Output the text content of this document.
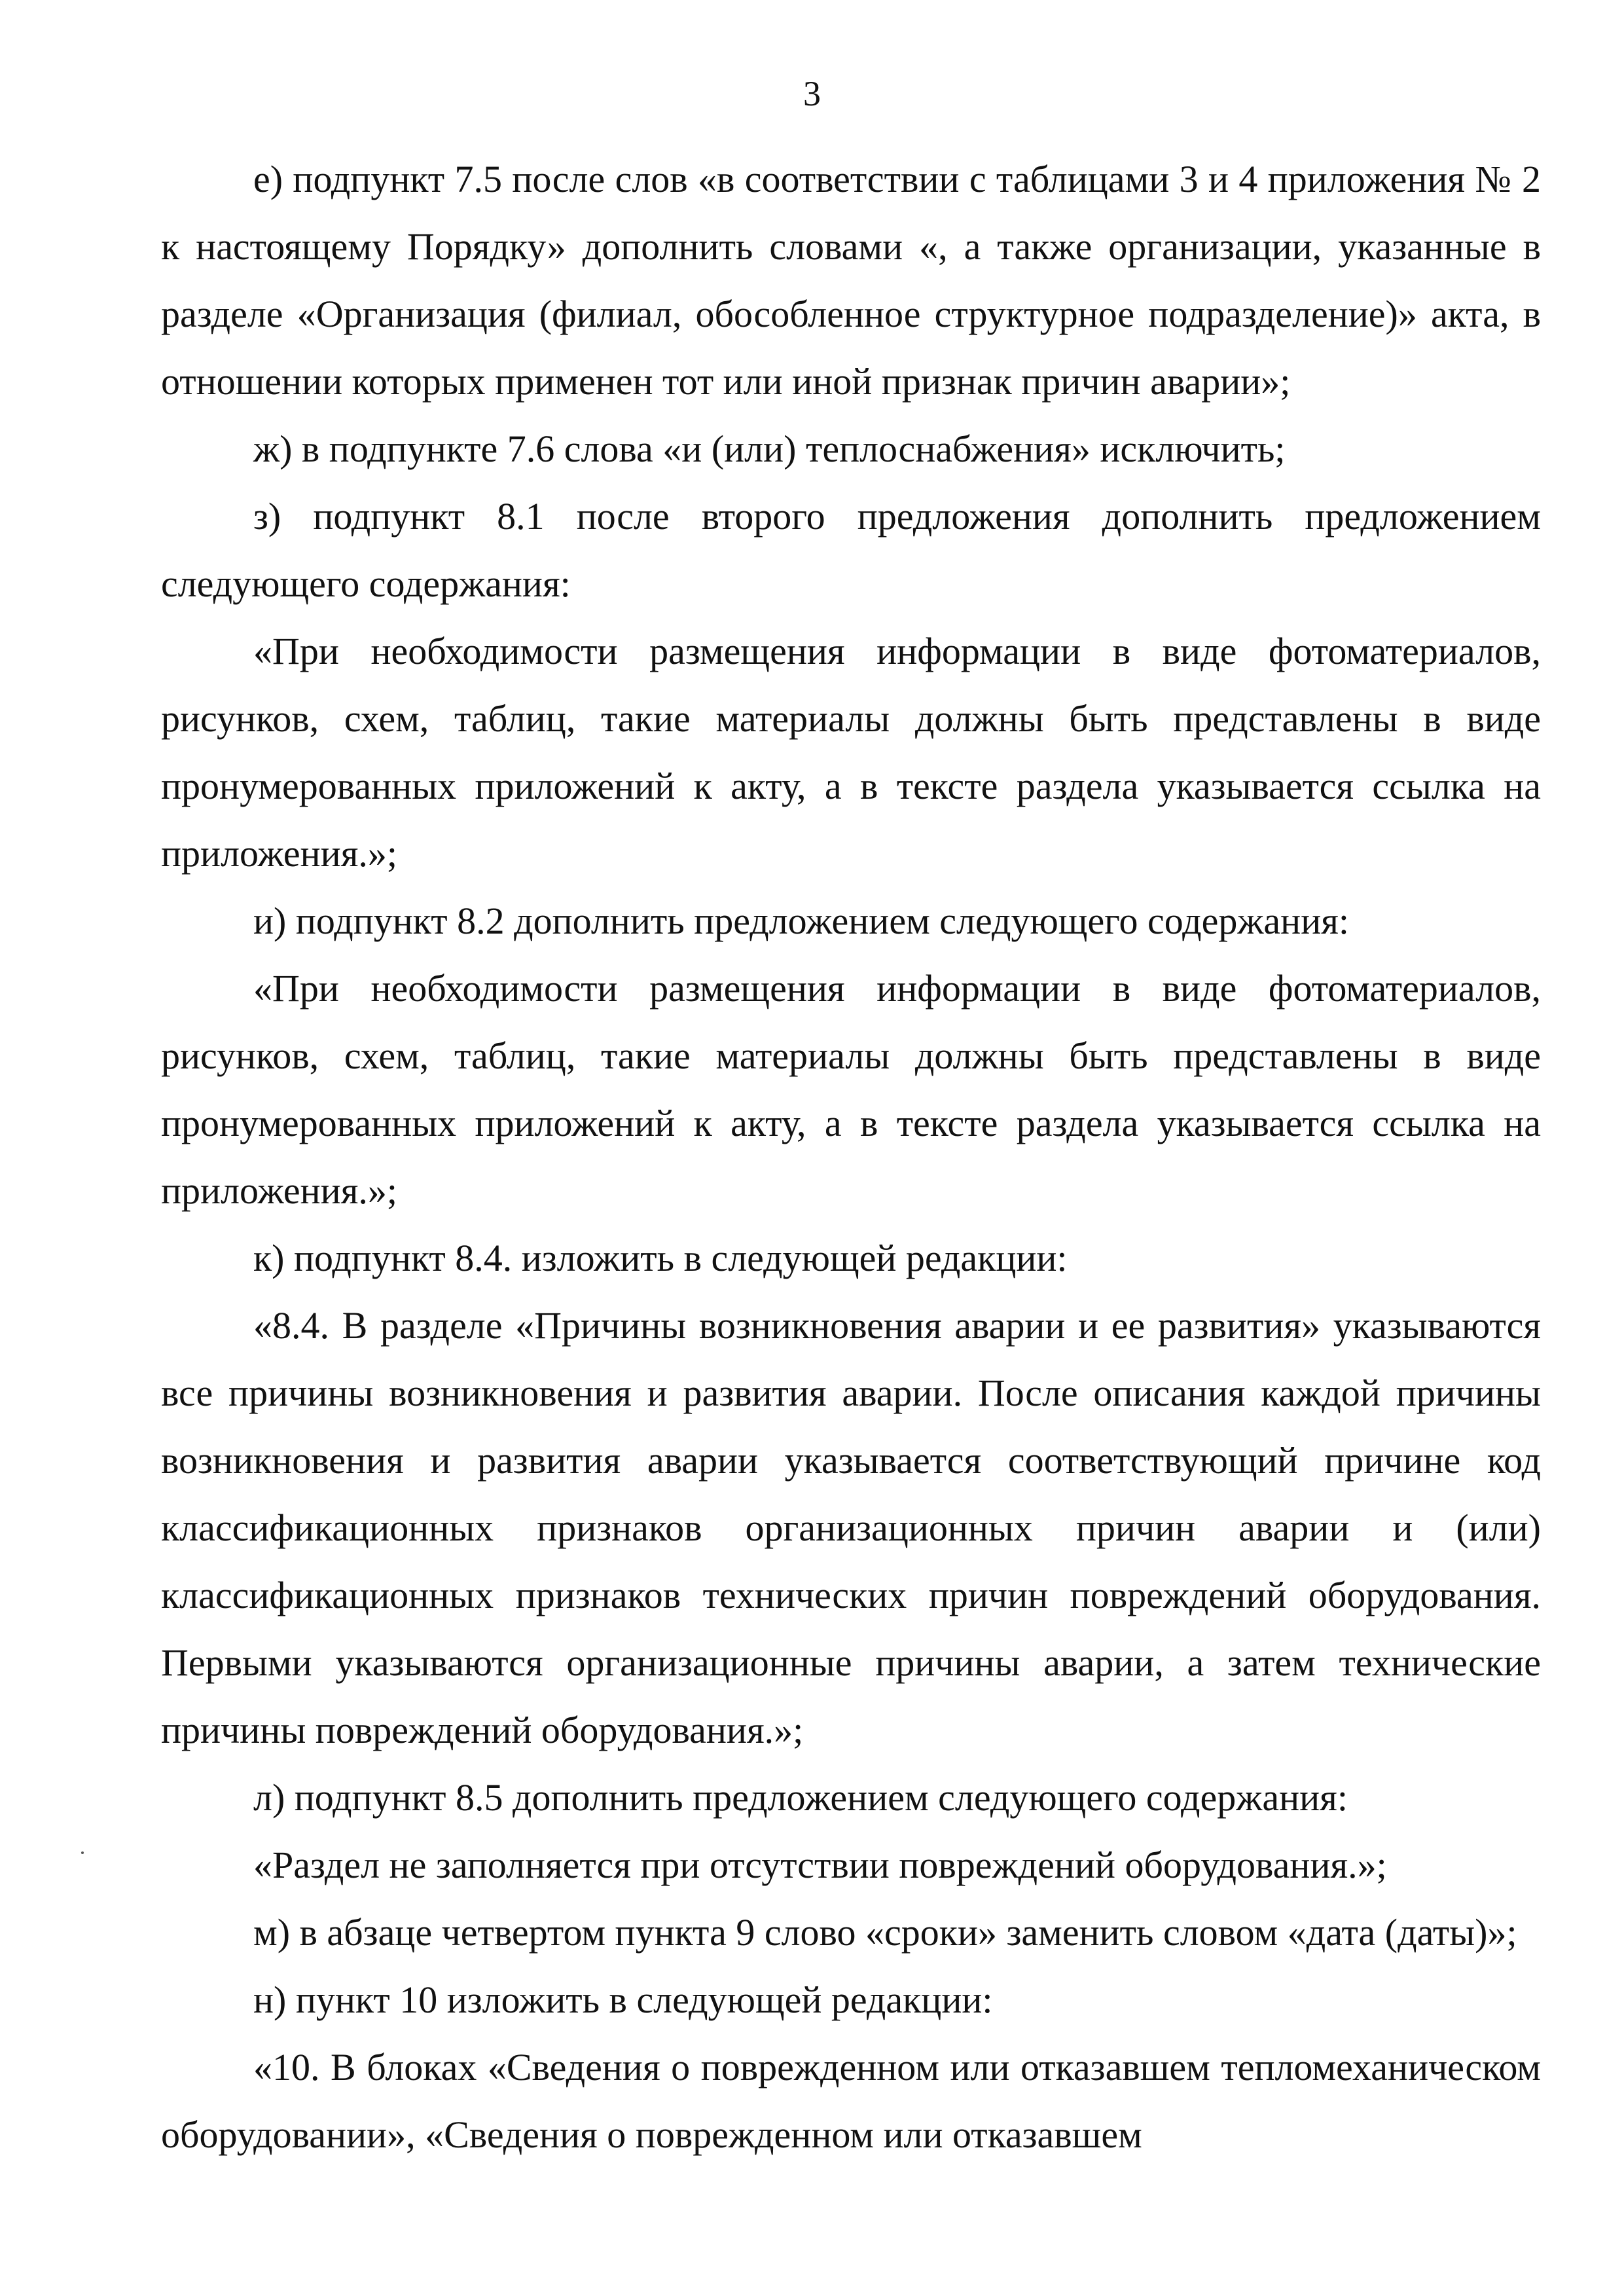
3

е) подпункт 7.5 после слов «в соответствии с таблицами 3 и 4 приложения № 2 к настоящему Порядку» дополнить словами «, а также организации, указанные в разделе «Организация (филиал, обособленное структурное подразделение)» акта, в отношении которых применен тот или иной признак причин аварии»;

ж) в подпункте 7.6 слова «и (или) теплоснабжения» исключить;

з) подпункт 8.1 после второго предложения дополнить предложением следующего содержания:

«При необходимости размещения информации в виде фотоматериалов, рисунков, схем, таблиц, такие материалы должны быть представлены в виде пронумерованных приложений к акту, а в тексте раздела указывается ссылка на приложения.»;

и) подпункт 8.2 дополнить предложением следующего содержания:

«При необходимости размещения информации в виде фотоматериалов, рисунков, схем, таблиц, такие материалы должны быть представлены в виде пронумерованных приложений к акту, а в тексте раздела указывается ссылка на приложения.»;

к) подпункт 8.4. изложить в следующей редакции:

«8.4. В разделе «Причины возникновения аварии и ее развития» указываются все причины возникновения и развития аварии. После описания каждой причины возникновения и развития аварии указывается соответствующий причине код классификационных признаков организационных причин аварии и (или) классификационных признаков технических причин повреждений оборудования. Первыми указываются организационные причины аварии, а затем технические причины повреждений оборудования.»;

л) подпункт 8.5 дополнить предложением следующего содержания:

«Раздел не заполняется при отсутствии повреждений оборудования.»;

м) в абзаце четвертом пункта 9 слово «сроки» заменить словом «дата (даты)»;

н) пункт 10 изложить в следующей редакции:

«10. В блоках «Сведения о поврежденном или отказавшем тепломеханическом оборудовании», «Сведения о поврежденном или отказавшем
